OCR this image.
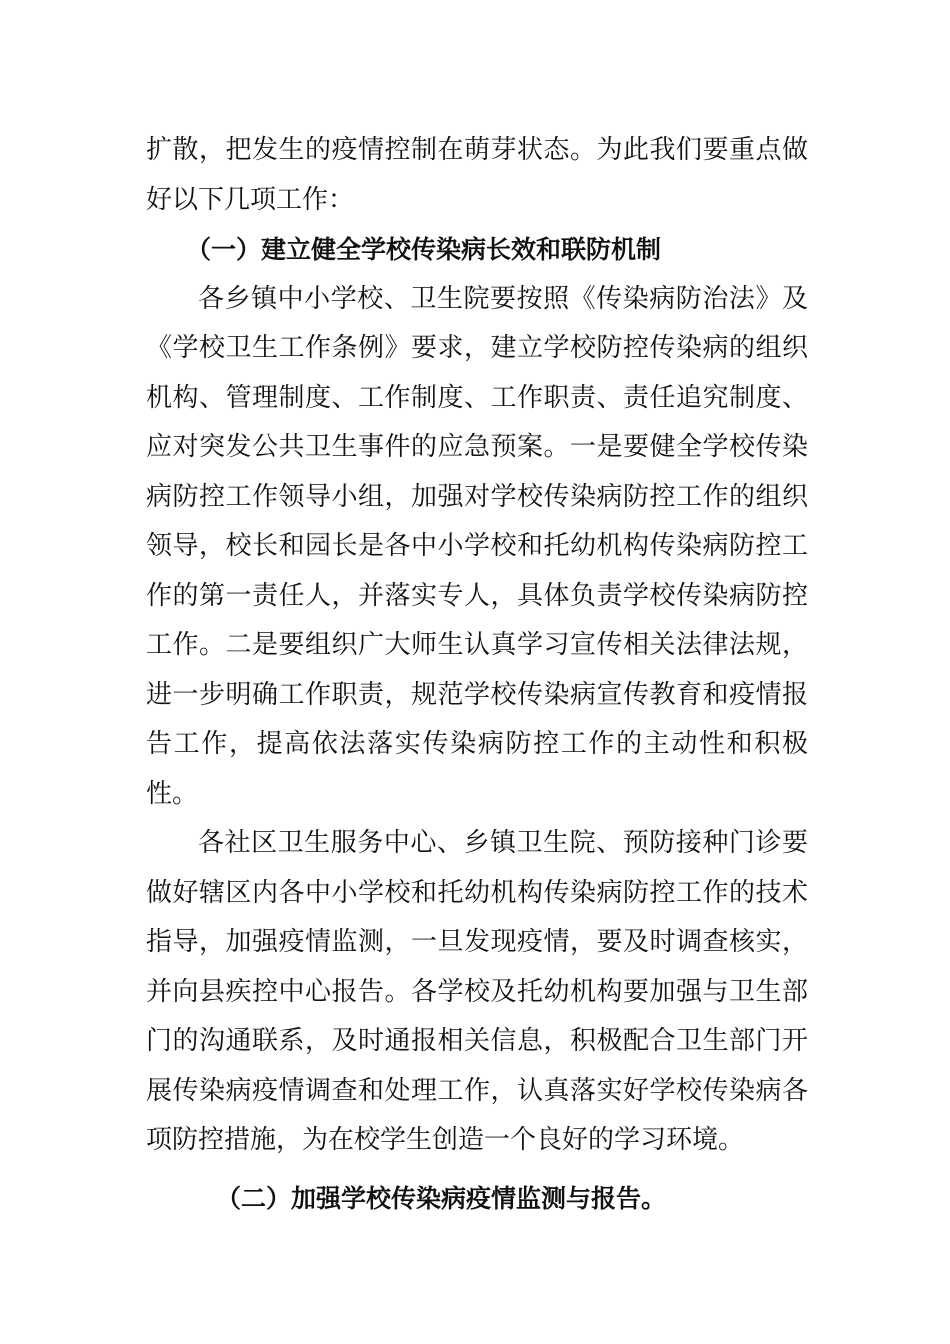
扩散，把发生的疫情控制在萌芽状态。为此我们要重点做好以下几项工作：

（一）建立健全学校传染病长效和联防机制

各乡镇中小学校、卫生院要按照《传染病防治法》及《学校卫生工作条例》要求，建立学校防控传染病的组织机构、管理制度、工作制度、工作职责、责任追究制度、应对突发公共卫生事件的应急预案。一是要健全学校传染病防控工作领导小组，加强对学校传染病防控工作的组织领导，校长和园长是各中小学校和托幼机构传染病防控工作的第一责任人，并落实专人，具体负责学校传染病防控工作。二是要组织广大师生认真学习宣传相关法律法规，进一步明确工作职责，规范学校传染病宣传教育和疫情报告工作，提高依法落实传染病防控工作的主动性和积极性。

各社区卫生服务中心、乡镇卫生院、预防接种门诊要做好辖区内各中小学校和托幼机构传染病防控工作的技术指导，加强疫情监测，一旦发现疫情，要及时调查核实，并向县疾控中心报告。各学校及托幼机构要加强与卫生部门的沟通联系，及时通报相关信息，积极配合卫生部门开展传染病疫情调查和处理工作，认真落实好学校传染病各项防控措施，为在校学生创造一个良好的学习环境。

（二）加强学校传染病疫情监测与报告。
